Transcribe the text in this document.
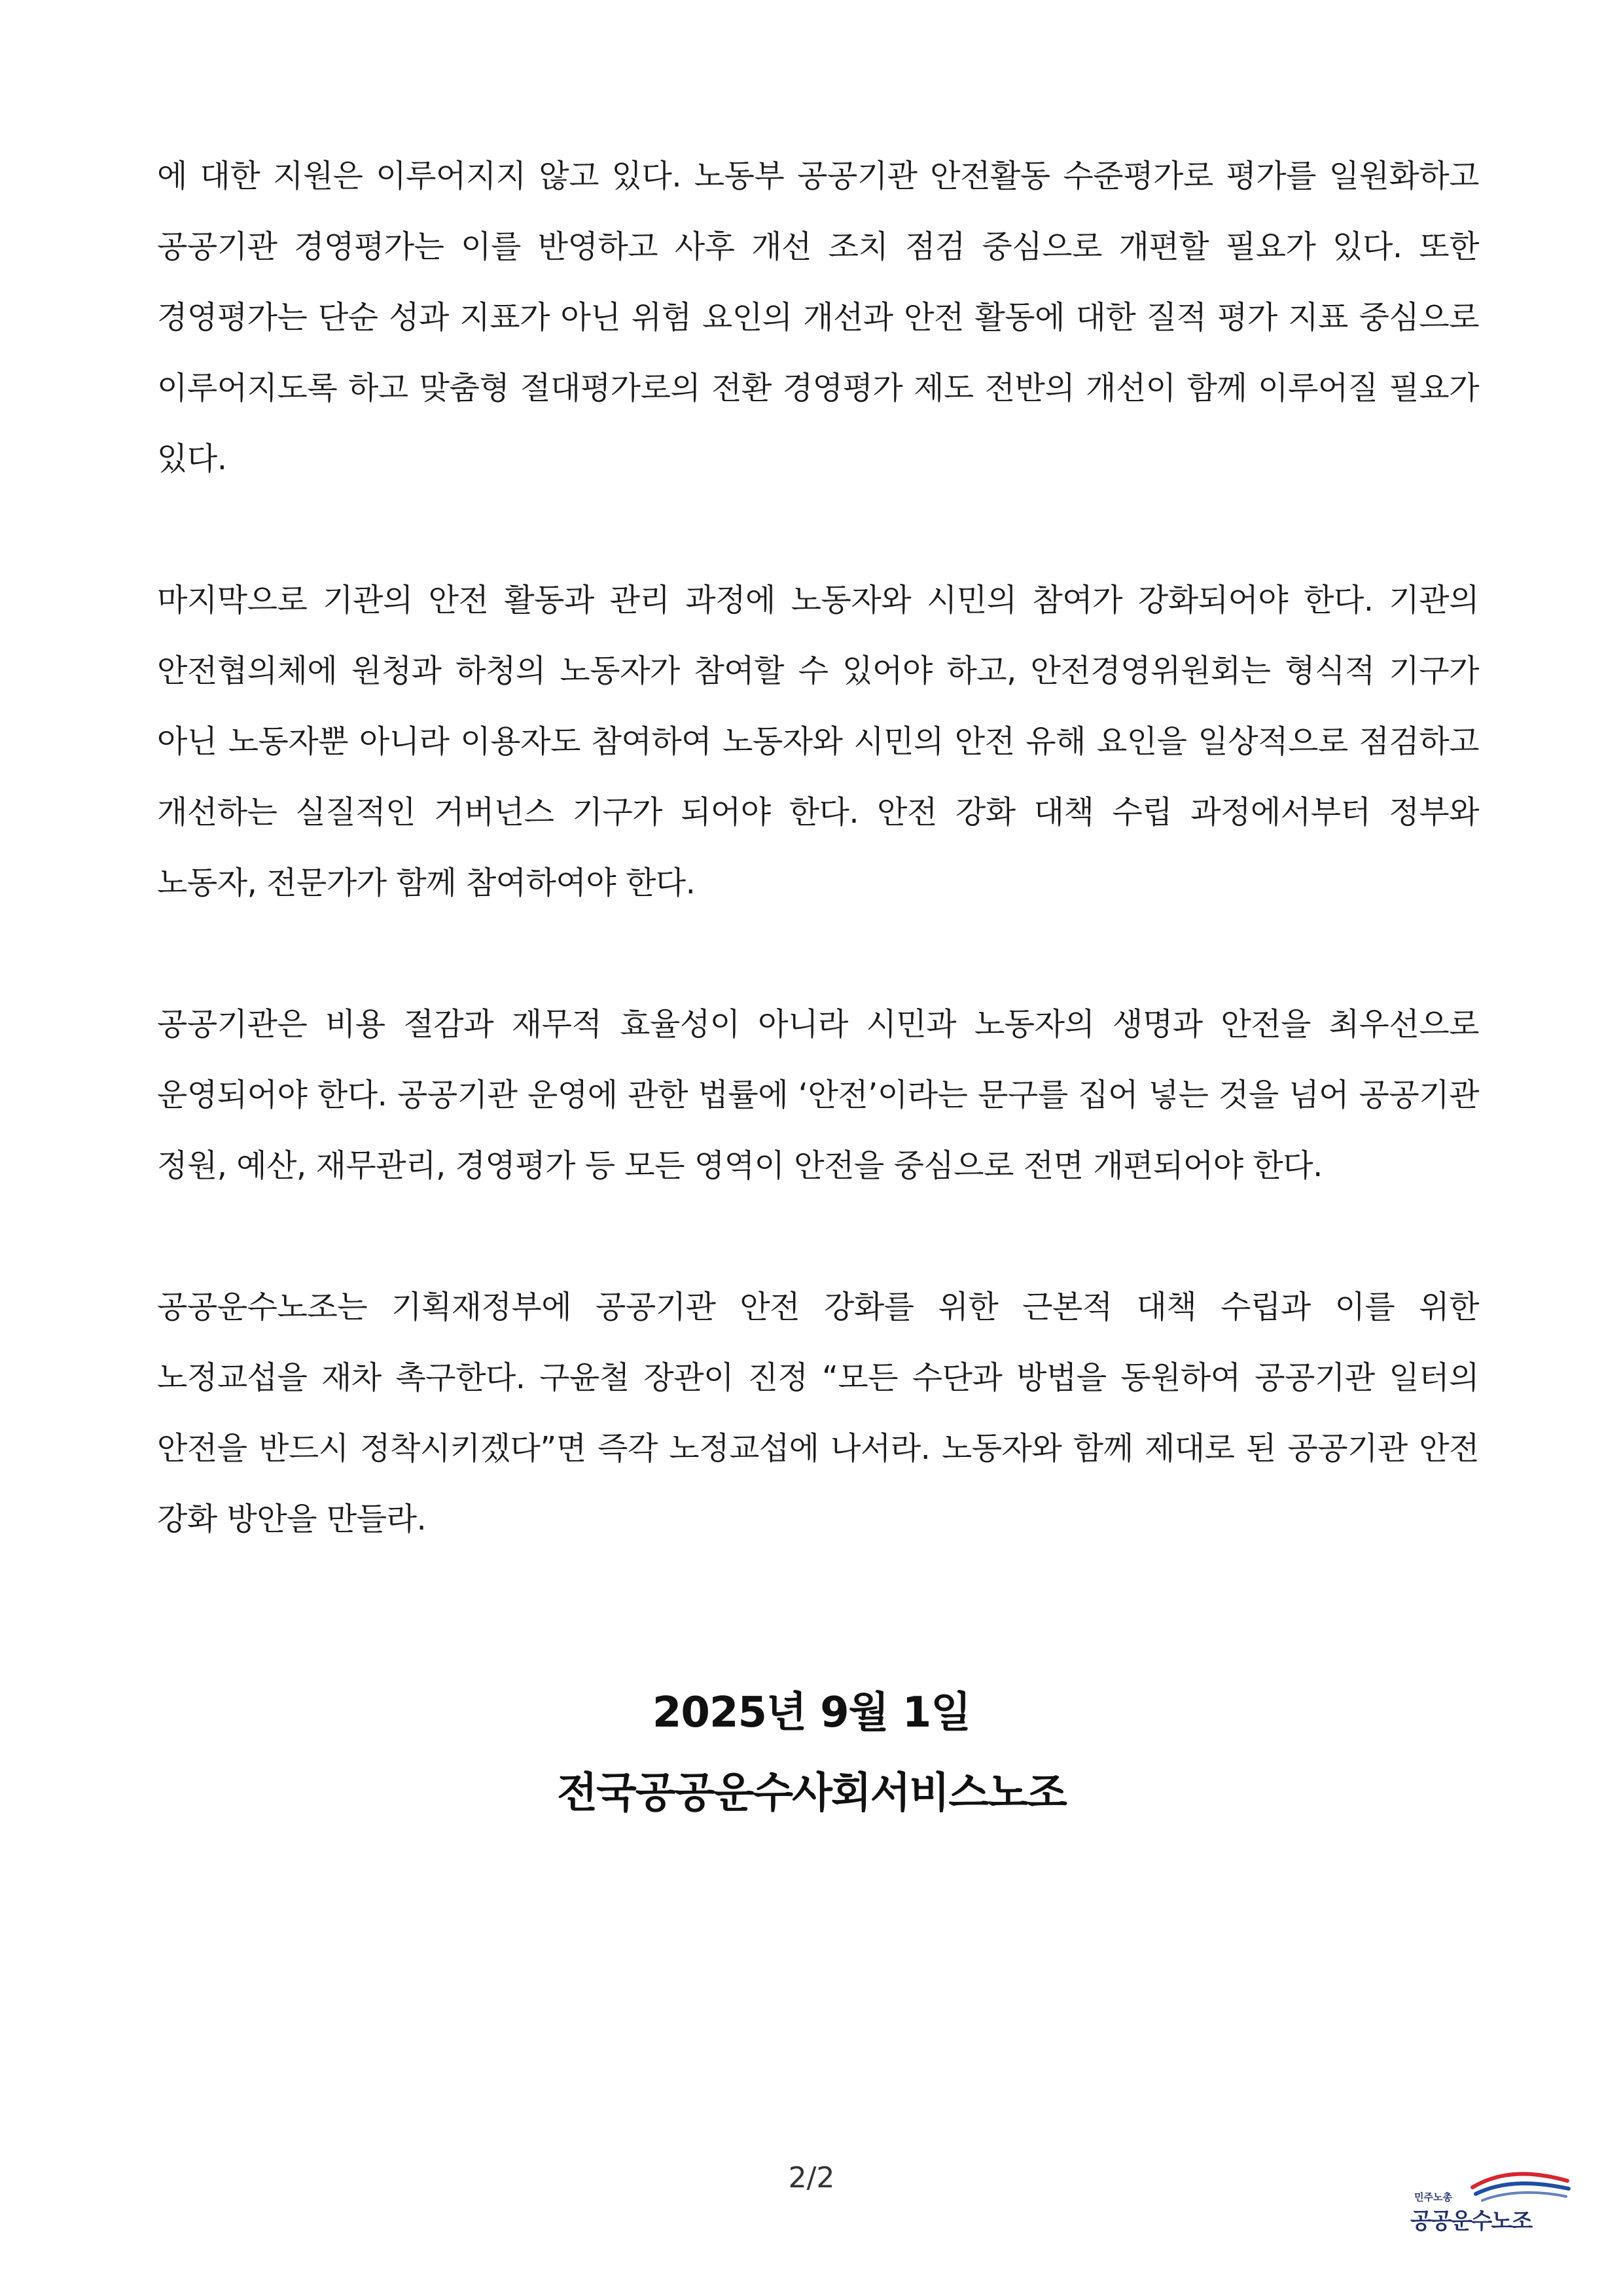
에 대한 지원은 이루어지지 않고 있다. 노동부 공공기관 안전활동 수준평가로 평가를 일원화하고 공공기관 경영평가는 이를 반영하고 사후 개선 조치 점검 중심으로 개편할 필요가 있다. 또한 경영평가는 단순 성과 지표가 아닌 위험 요인의 개선과 안전 활동에 대한 질적 평가 지표 중심으로 이루어지도록 하고 맞춤형 절대평가로의 전환 경영평가 제도 전반의 개선이 함께 이루어질 필요가 있다.

마지막으로 기관의 안전 활동과 관리 과정에 노동자와 시민의 참여가 강화되어야 한다. 기관의 안전협의체에 원청과 하청의 노동자가 참여할 수 있어야 하고, 안전경영위원회는 형식적 기구가 아닌 노동자뿐 아니라 이용자도 참여하여 노동자와 시민의 안전 유해 요인을 일상적으로 점검하고 개선하는 실질적인 거버넌스 기구가 되어야 한다. 안전 강화 대책 수립 과정에서부터 정부와 노동자, 전문가가 함께 참여하여야 한다.

공공기관은 비용 절감과 재무적 효율성이 아니라 시민과 노동자의 생명과 안전을 최우선으로 운영되어야 한다. 공공기관 운영에 관한 법률에 ‘안전’이라는 문구를 집어 넣는 것을 넘어 공공기관 정원, 예산, 재무관리, 경영평가 등 모든 영역이 안전을 중심으로 전면 개편되어야 한다.

공공운수노조는 기획재정부에 공공기관 안전 강화를 위한 근본적 대책 수립과 이를 위한 노정교섭을 재차 촉구한다. 구윤철 장관이 진정 “모든 수단과 방법을 동원하여 공공기관 일터의 안전을 반드시 정착시키겠다”면 즉각 노정교섭에 나서라. 노동자와 함께 제대로 된 공공기관 안전 강화 방안을 만들라.

2025년 9월 1일
전국공공운수사회서비스노조
2/2
민주노총
공공운수노조
